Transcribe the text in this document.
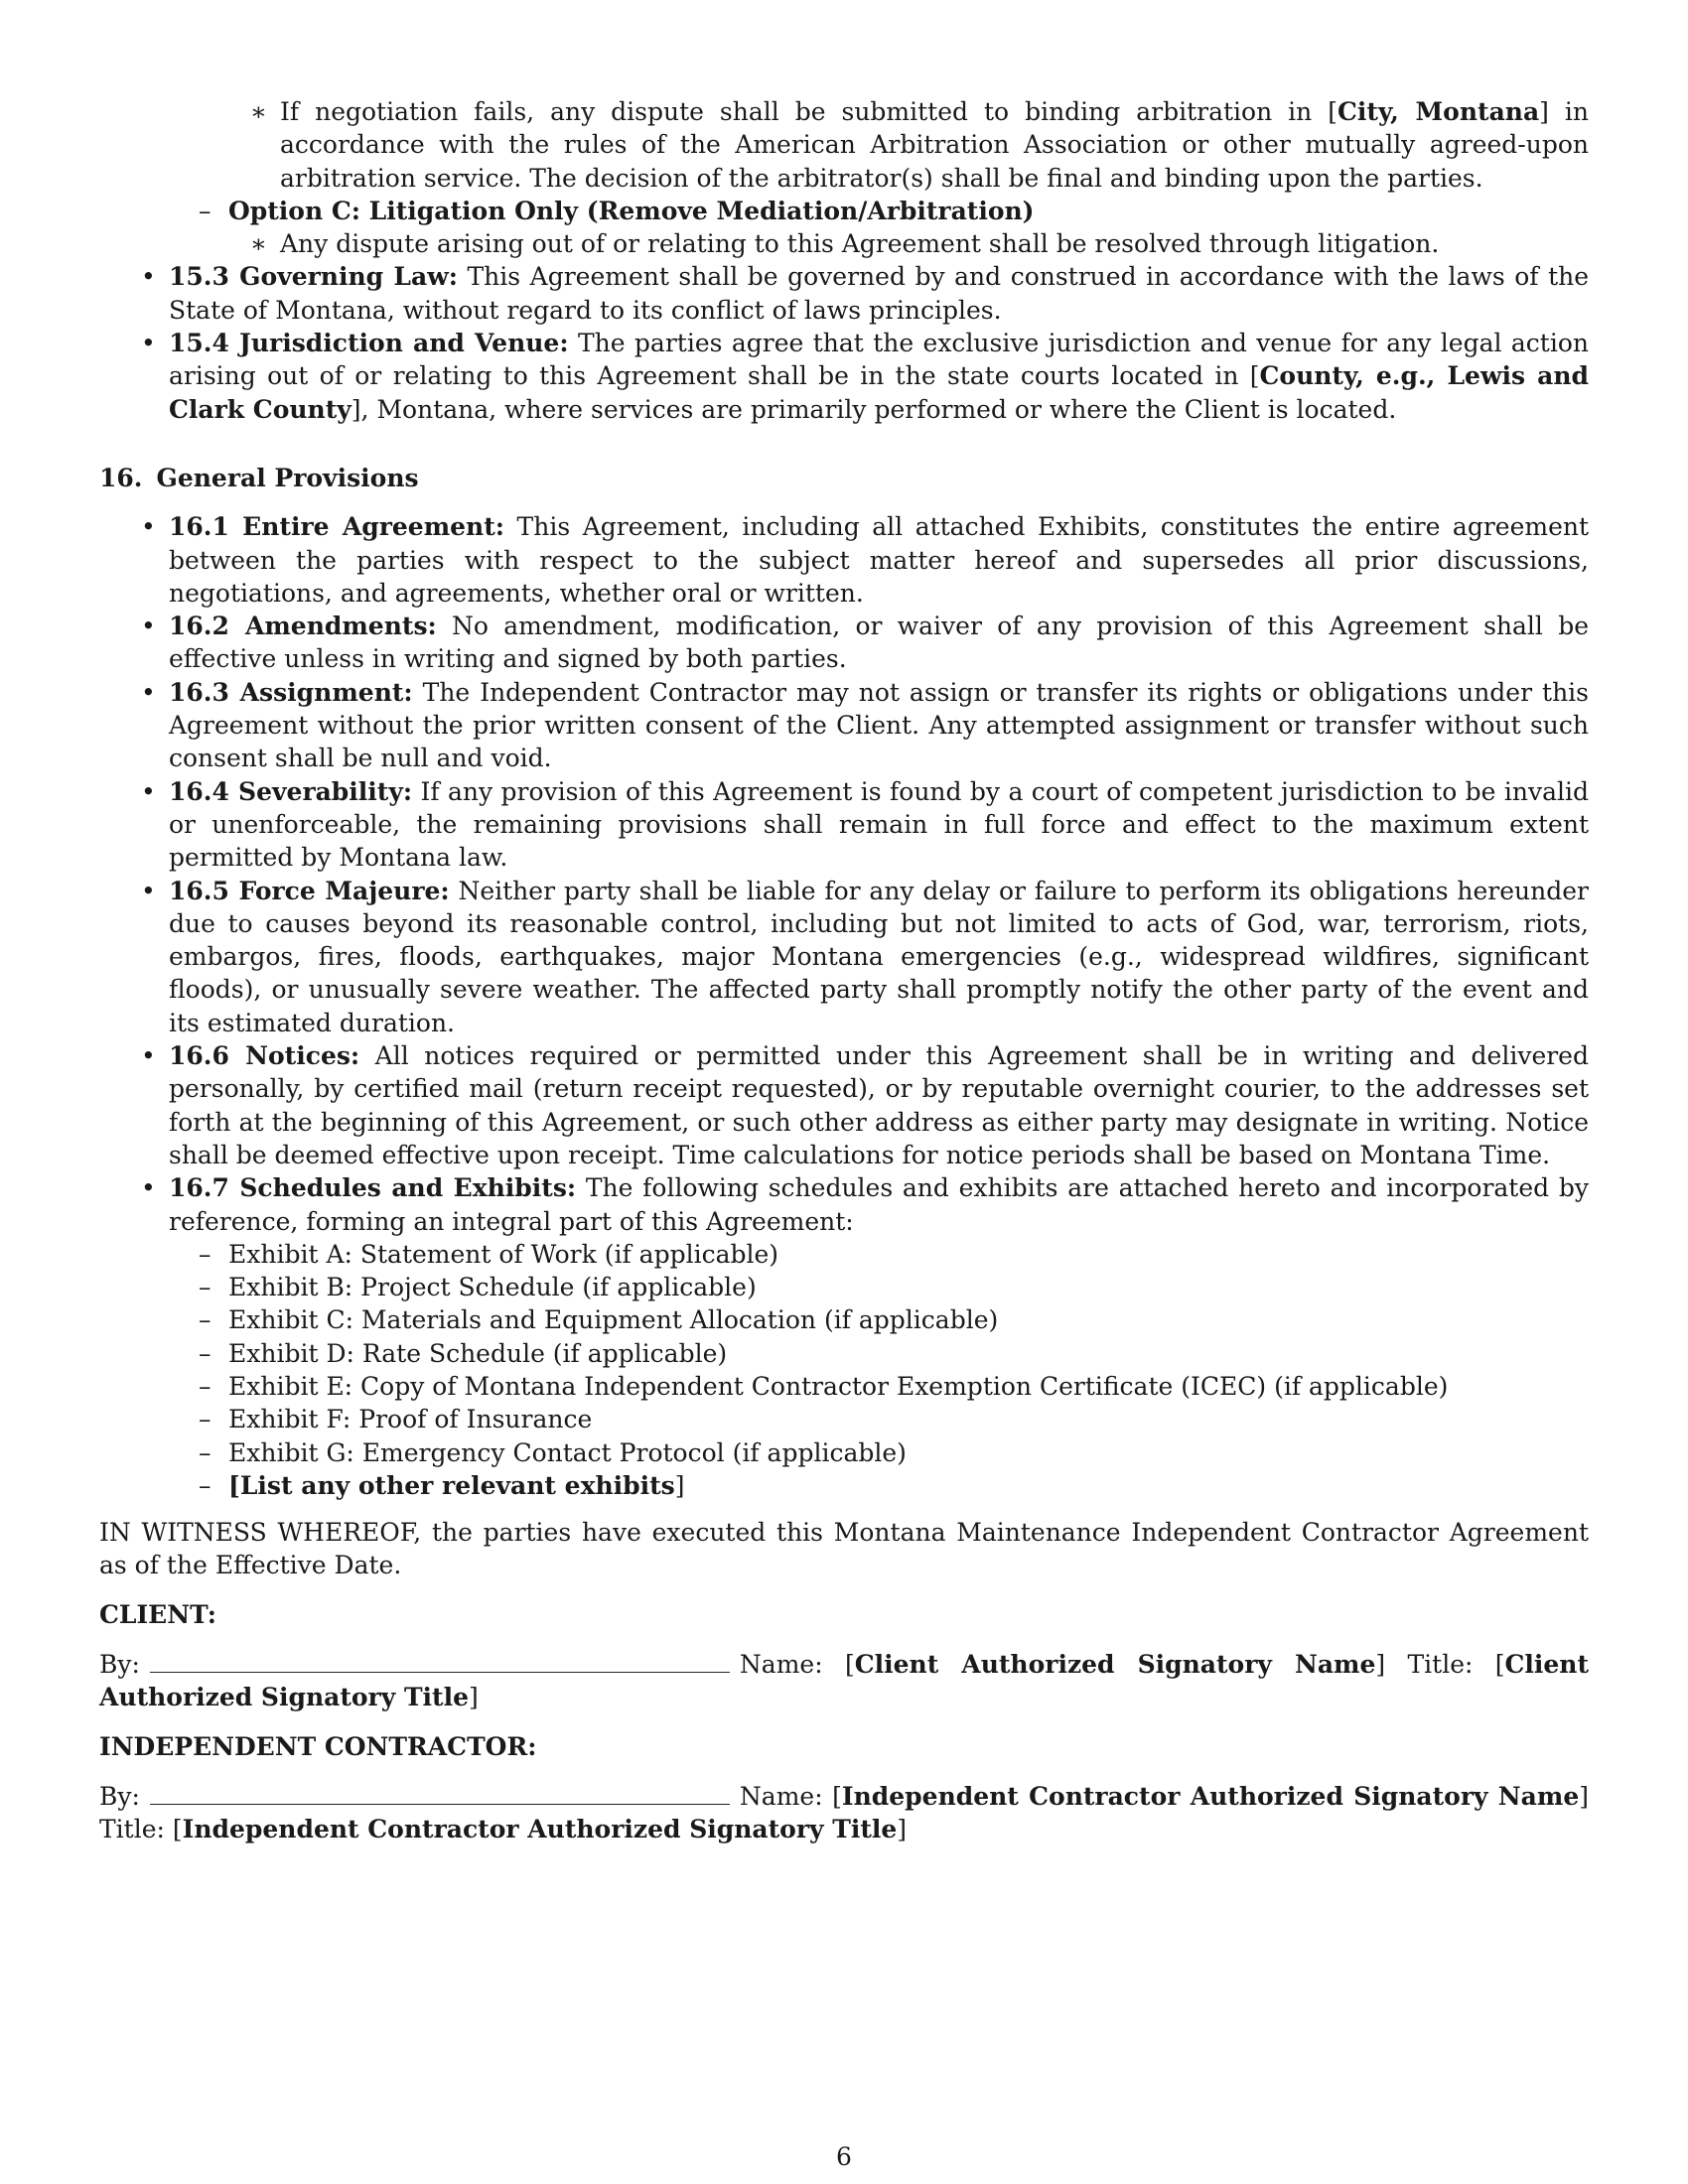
∗ If negotiation fails, any dispute shall be submitted to binding arbitration in [City, Montana] in accordance with the rules of the American Arbitration Association or other mutually agreed-upon arbitration service. The decision of the arbitrator(s) shall be final and binding upon the parties.

– Option C: Litigation Only (Remove Mediation/Arbitration)

∗ Any dispute arising out of or relating to this Agreement shall be resolved through litigation.

• 15.3 Governing Law: This Agreement shall be governed by and construed in accordance with the laws of the State of Montana, without regard to its conflict of laws principles.

• 15.4 Jurisdiction and Venue: The parties agree that the exclusive jurisdiction and venue for any legal action arising out of or relating to this Agreement shall be in the state courts located in [County, e.g., Lewis and Clark County], Montana, where services are primarily performed or where the Client is located.

16. General Provisions

• 16.1 Entire Agreement: This Agreement, including all attached Exhibits, constitutes the entire agreement between the parties with respect to the subject matter hereof and supersedes all prior discussions, negotiations, and agreements, whether oral or written.

• 16.2 Amendments: No amendment, modification, or waiver of any provision of this Agreement shall be effective unless in writing and signed by both parties.

• 16.3 Assignment: The Independent Contractor may not assign or transfer its rights or obligations under this Agreement without the prior written consent of the Client. Any attempted assignment or transfer without such consent shall be null and void.

• 16.4 Severability: If any provision of this Agreement is found by a court of competent jurisdiction to be invalid or unenforceable, the remaining provisions shall remain in full force and effect to the maximum extent permitted by Montana law.

• 16.5 Force Majeure: Neither party shall be liable for any delay or failure to perform its obligations hereunder due to causes beyond its reasonable control, including but not limited to acts of God, war, terrorism, riots, embargos, fires, floods, earthquakes, major Montana emergencies (e.g., widespread wildfires, significant floods), or unusually severe weather. The affected party shall promptly notify the other party of the event and its estimated duration.

• 16.6 Notices: All notices required or permitted under this Agreement shall be in writing and delivered personally, by certified mail (return receipt requested), or by reputable overnight courier, to the addresses set forth at the beginning of this Agreement, or such other address as either party may designate in writing. Notice shall be deemed effective upon receipt. Time calculations for notice periods shall be based on Montana Time.

• 16.7 Schedules and Exhibits: The following schedules and exhibits are attached hereto and incorporated by reference, forming an integral part of this Agreement:

– Exhibit A: Statement of Work (if applicable)

– Exhibit B: Project Schedule (if applicable)

– Exhibit C: Materials and Equipment Allocation (if applicable)

– Exhibit D: Rate Schedule (if applicable)

– Exhibit E: Copy of Montana Independent Contractor Exemption Certificate (ICEC) (if applicable)

– Exhibit F: Proof of Insurance

– Exhibit G: Emergency Contact Protocol (if applicable)

– [List any other relevant exhibits]

IN WITNESS WHEREOF, the parties have executed this Montana Maintenance Independent Contractor Agreement as of the Effective Date.

CLIENT:

By:	Name: [Client Authorized Signatory Name] Title: [Client Authorized Signatory Title]

INDEPENDENT CONTRACTOR:

By:	Name: [Independent Contractor Authorized Signatory Name] Title: [Independent Contractor Authorized Signatory Title]

6
